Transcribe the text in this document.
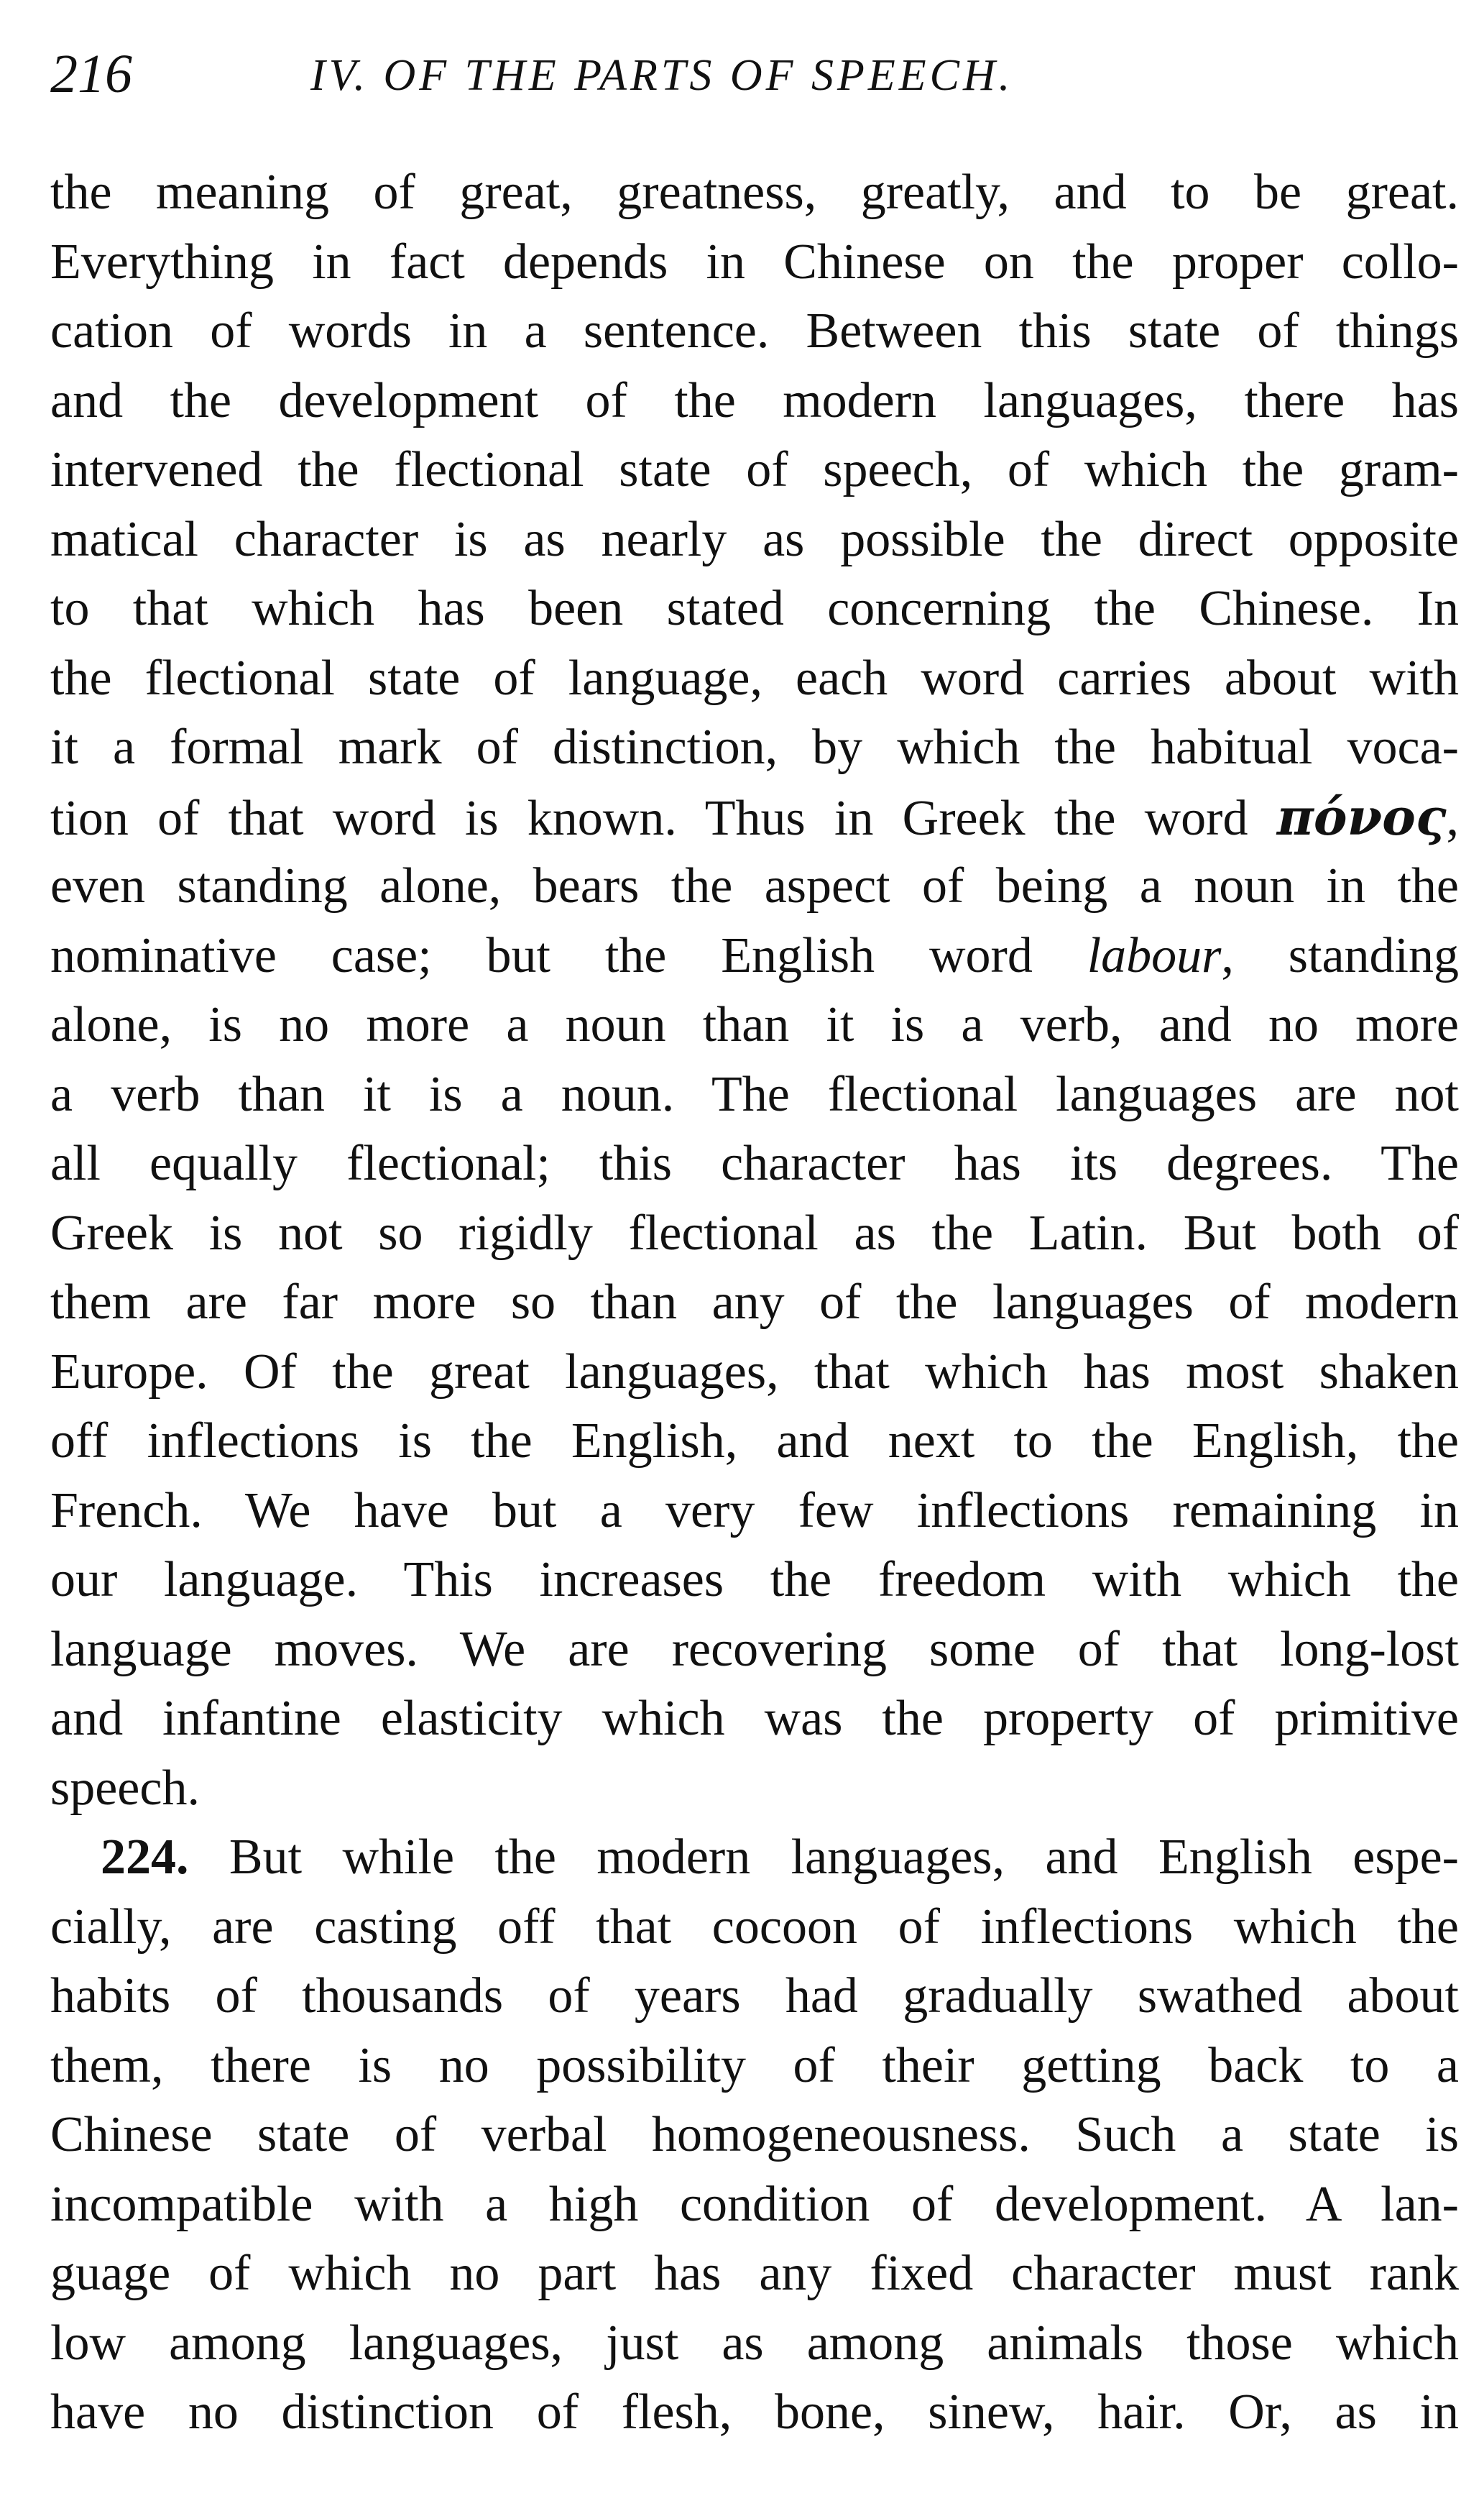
216	IV. OF THE PARTS OF SPEECH.
the meaning of great, greatness, greatly, and to be great.
Everything in fact depends in Chinese on the proper collo-
cation of words in a sentence. Between this state of things
and the development of the modern languages, there has
intervened the flectional state of speech, of which the gram-
matical character is as nearly as possible the direct opposite
to that which has been stated concerning the Chinese. In
the flectional state of language, each word carries about with
it a formal mark of distinction, by which the habitual voca-
tion of that word is known. Thus in Greek the word πόνος,
even standing alone, bears the aspect of being a noun in the
nominative case; but the English word labour, standing
alone, is no more a noun than it is a verb, and no more
a verb than it is a noun. The flectional languages are not
all equally flectional; this character has its degrees. The
Greek is not so rigidly flectional as the Latin. But both of
them are far more so than any of the languages of modern
Europe. Of the great languages, that which has most shaken
off inflections is the English, and next to the English, the
French. We have but a very few inflections remaining in
our language. This increases the freedom with which the
language moves. We are recovering some of that long-lost
and infantine elasticity which was the property of primitive
speech.
224. But while the modern languages, and English espe-
cially, are casting off that cocoon of inflections which the
habits of thousands of years had gradually swathed about
them, there is no possibility of their getting back to a
Chinese state of verbal homogeneousness. Such a state is
incompatible with a high condition of development. A lan-
guage of which no part has any fixed character must rank
low among languages, just as among animals those which
have no distinction of flesh, bone, sinew, hair. Or, as in
